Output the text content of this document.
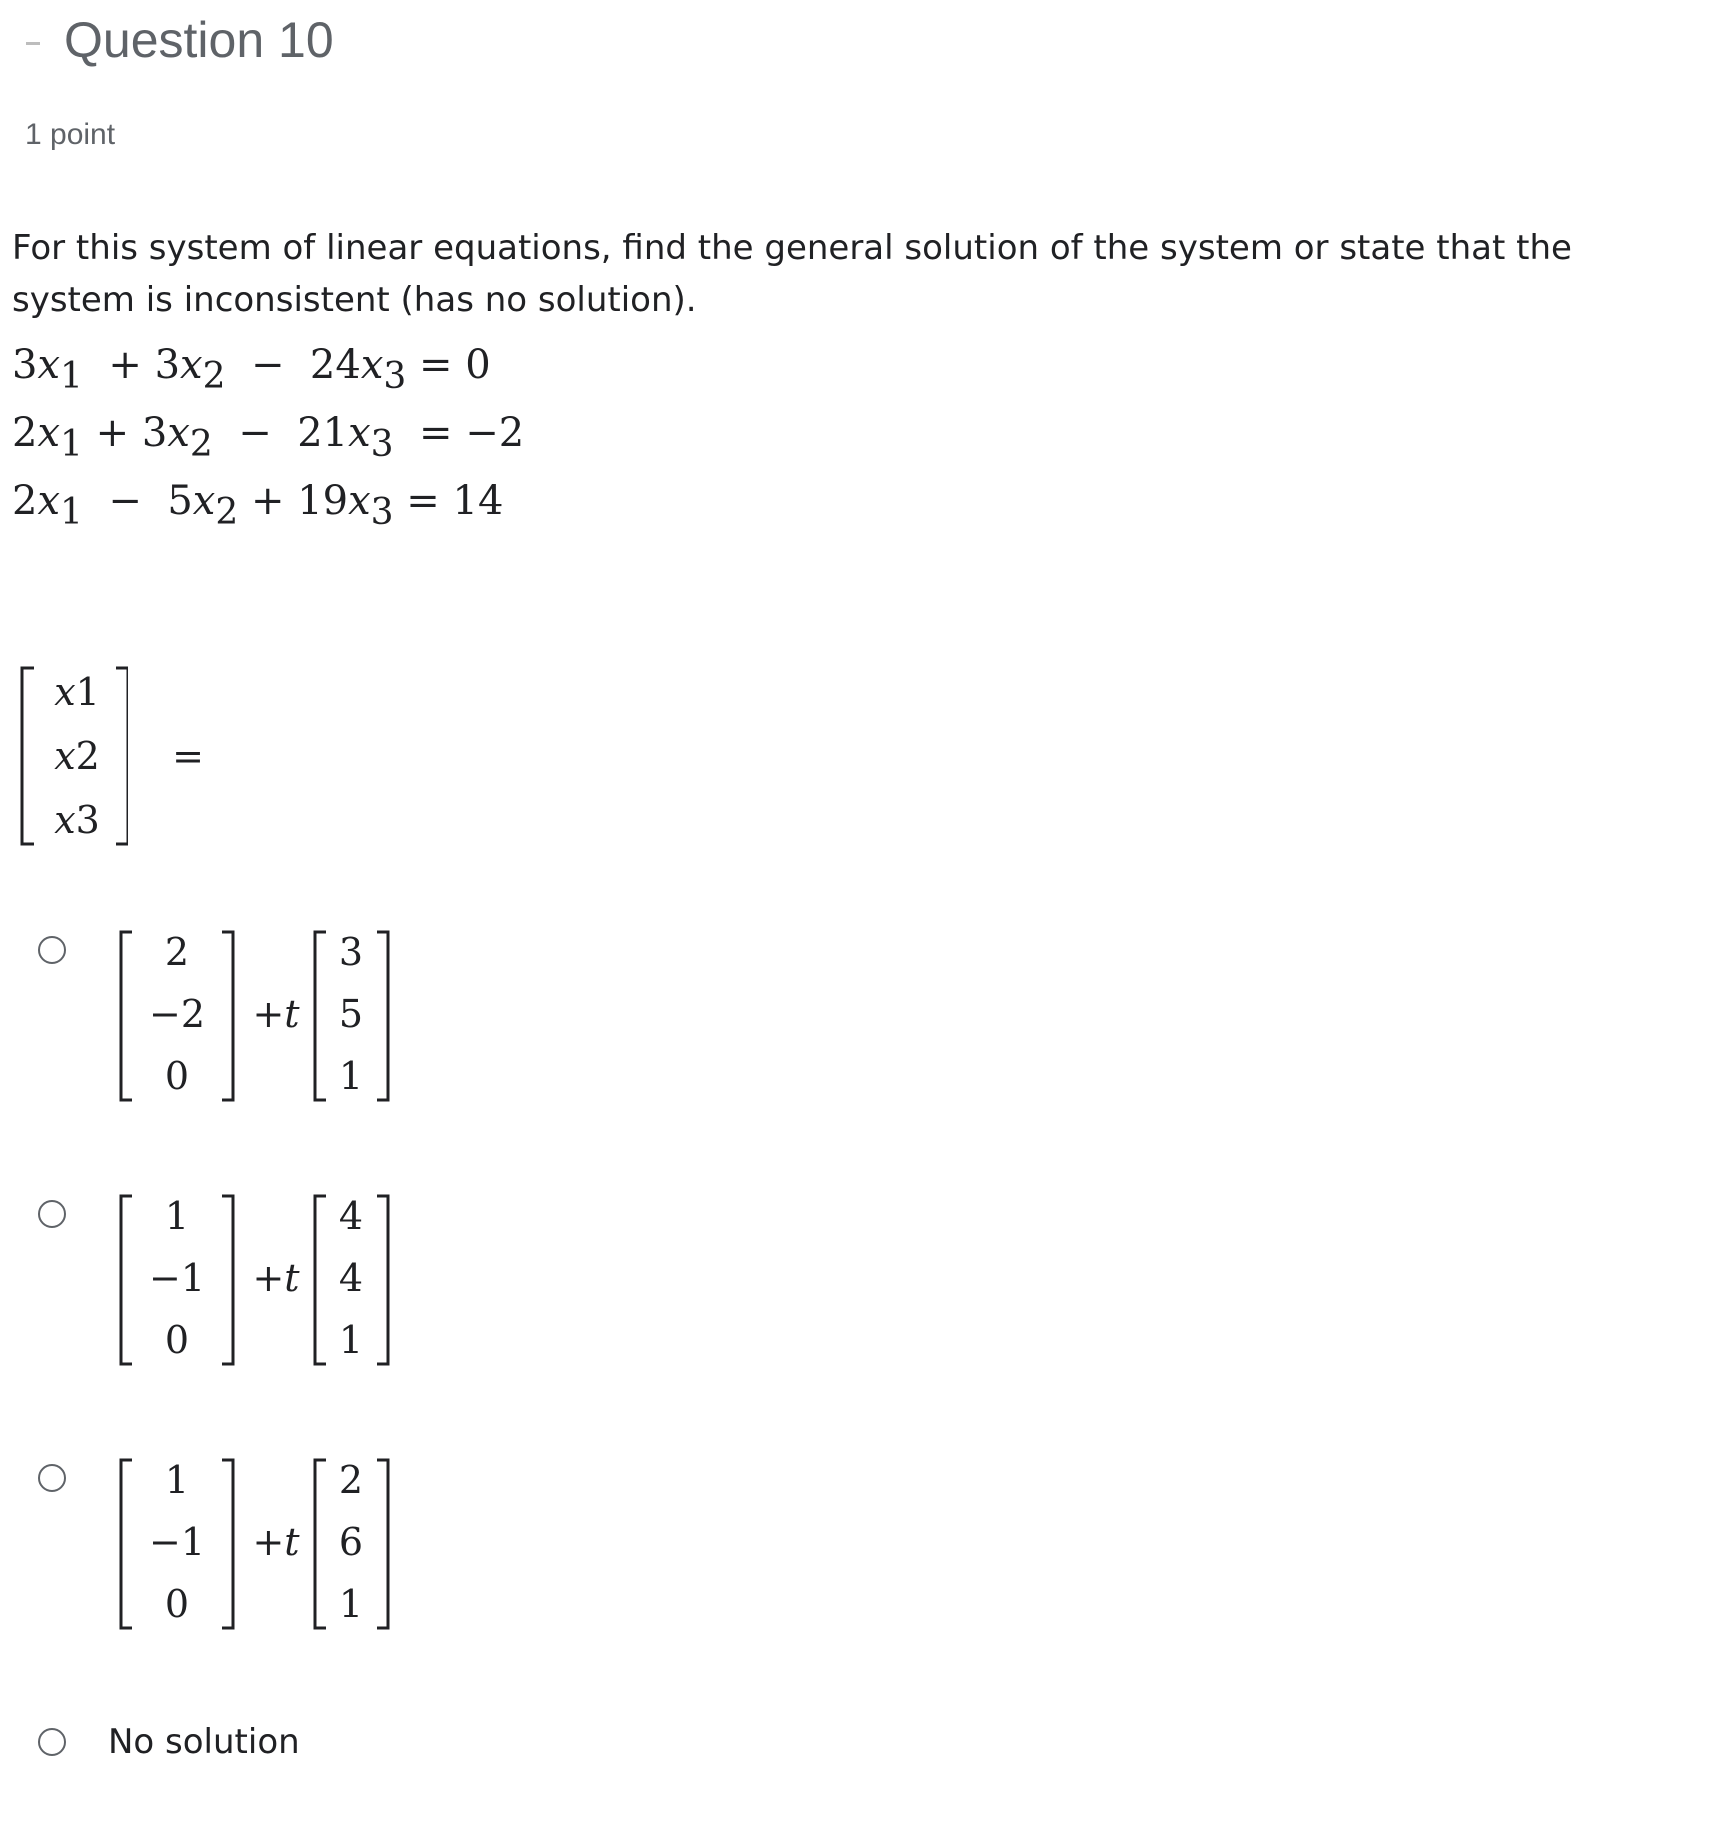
Question 10
1 point
For this system of linear equations, find the general solution of the system or state that the system is inconsistent (has no solution).
3x1 + 3x2 − 24x3 = 0
2x1 + 3x2 − 21x3 = −2
2x1 − 5x2 + 19x3 = 14
x1
x2
x3
=
2
−2
0
+t
3
5
1
1
−1
0
+t
4
4
1
1
−1
0
+t
2
6
1
No solution
